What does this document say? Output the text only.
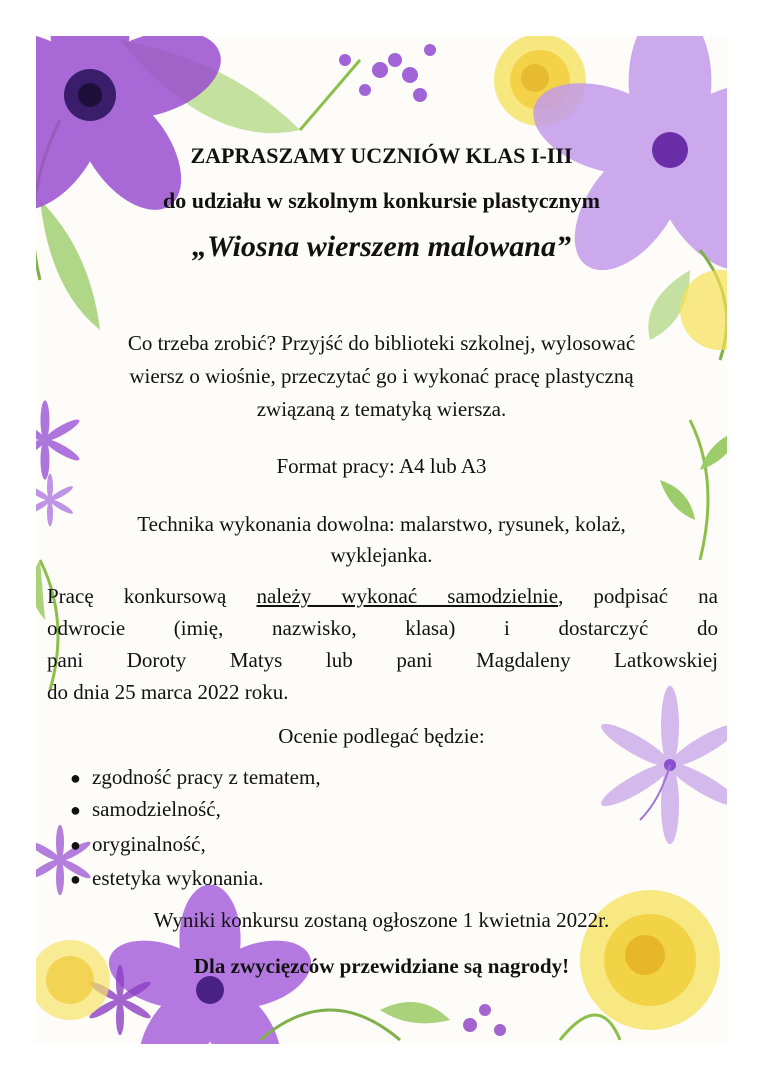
ZAPRASZAMY UCZNIÓW KLAS I-III

do udziału w szkolnym konkursie plastycznym

„Wiosna wierszem malowana”

Co trzeba zrobić? Przyjść do biblioteki szkolnej, wylosować

wiersz o wiośnie, przeczytać go i wykonać pracę plastyczną

związaną z tematyką wiersza.

Format pracy: A4 lub A3

Technika wykonania dowolna: malarstwo, rysunek, kolaż,

wyklejanka.

Pracę konkursową należy wykonać samodzielnie, podpisać na

odwrocie (imię, nazwisko, klasa) i dostarczyć do

pani Doroty Matys lub pani Magdaleny Latkowskiej

do dnia 25 marca 2022 roku.

Ocenie podlegać będzie:

● zgodność pracy z tematem,
● samodzielność,
● oryginalność,
● estetyka wykonania.

Wyniki konkursu zostaną ogłoszone 1 kwietnia 2022r.

Dla zwycięzców przewidziane są nagrody!
